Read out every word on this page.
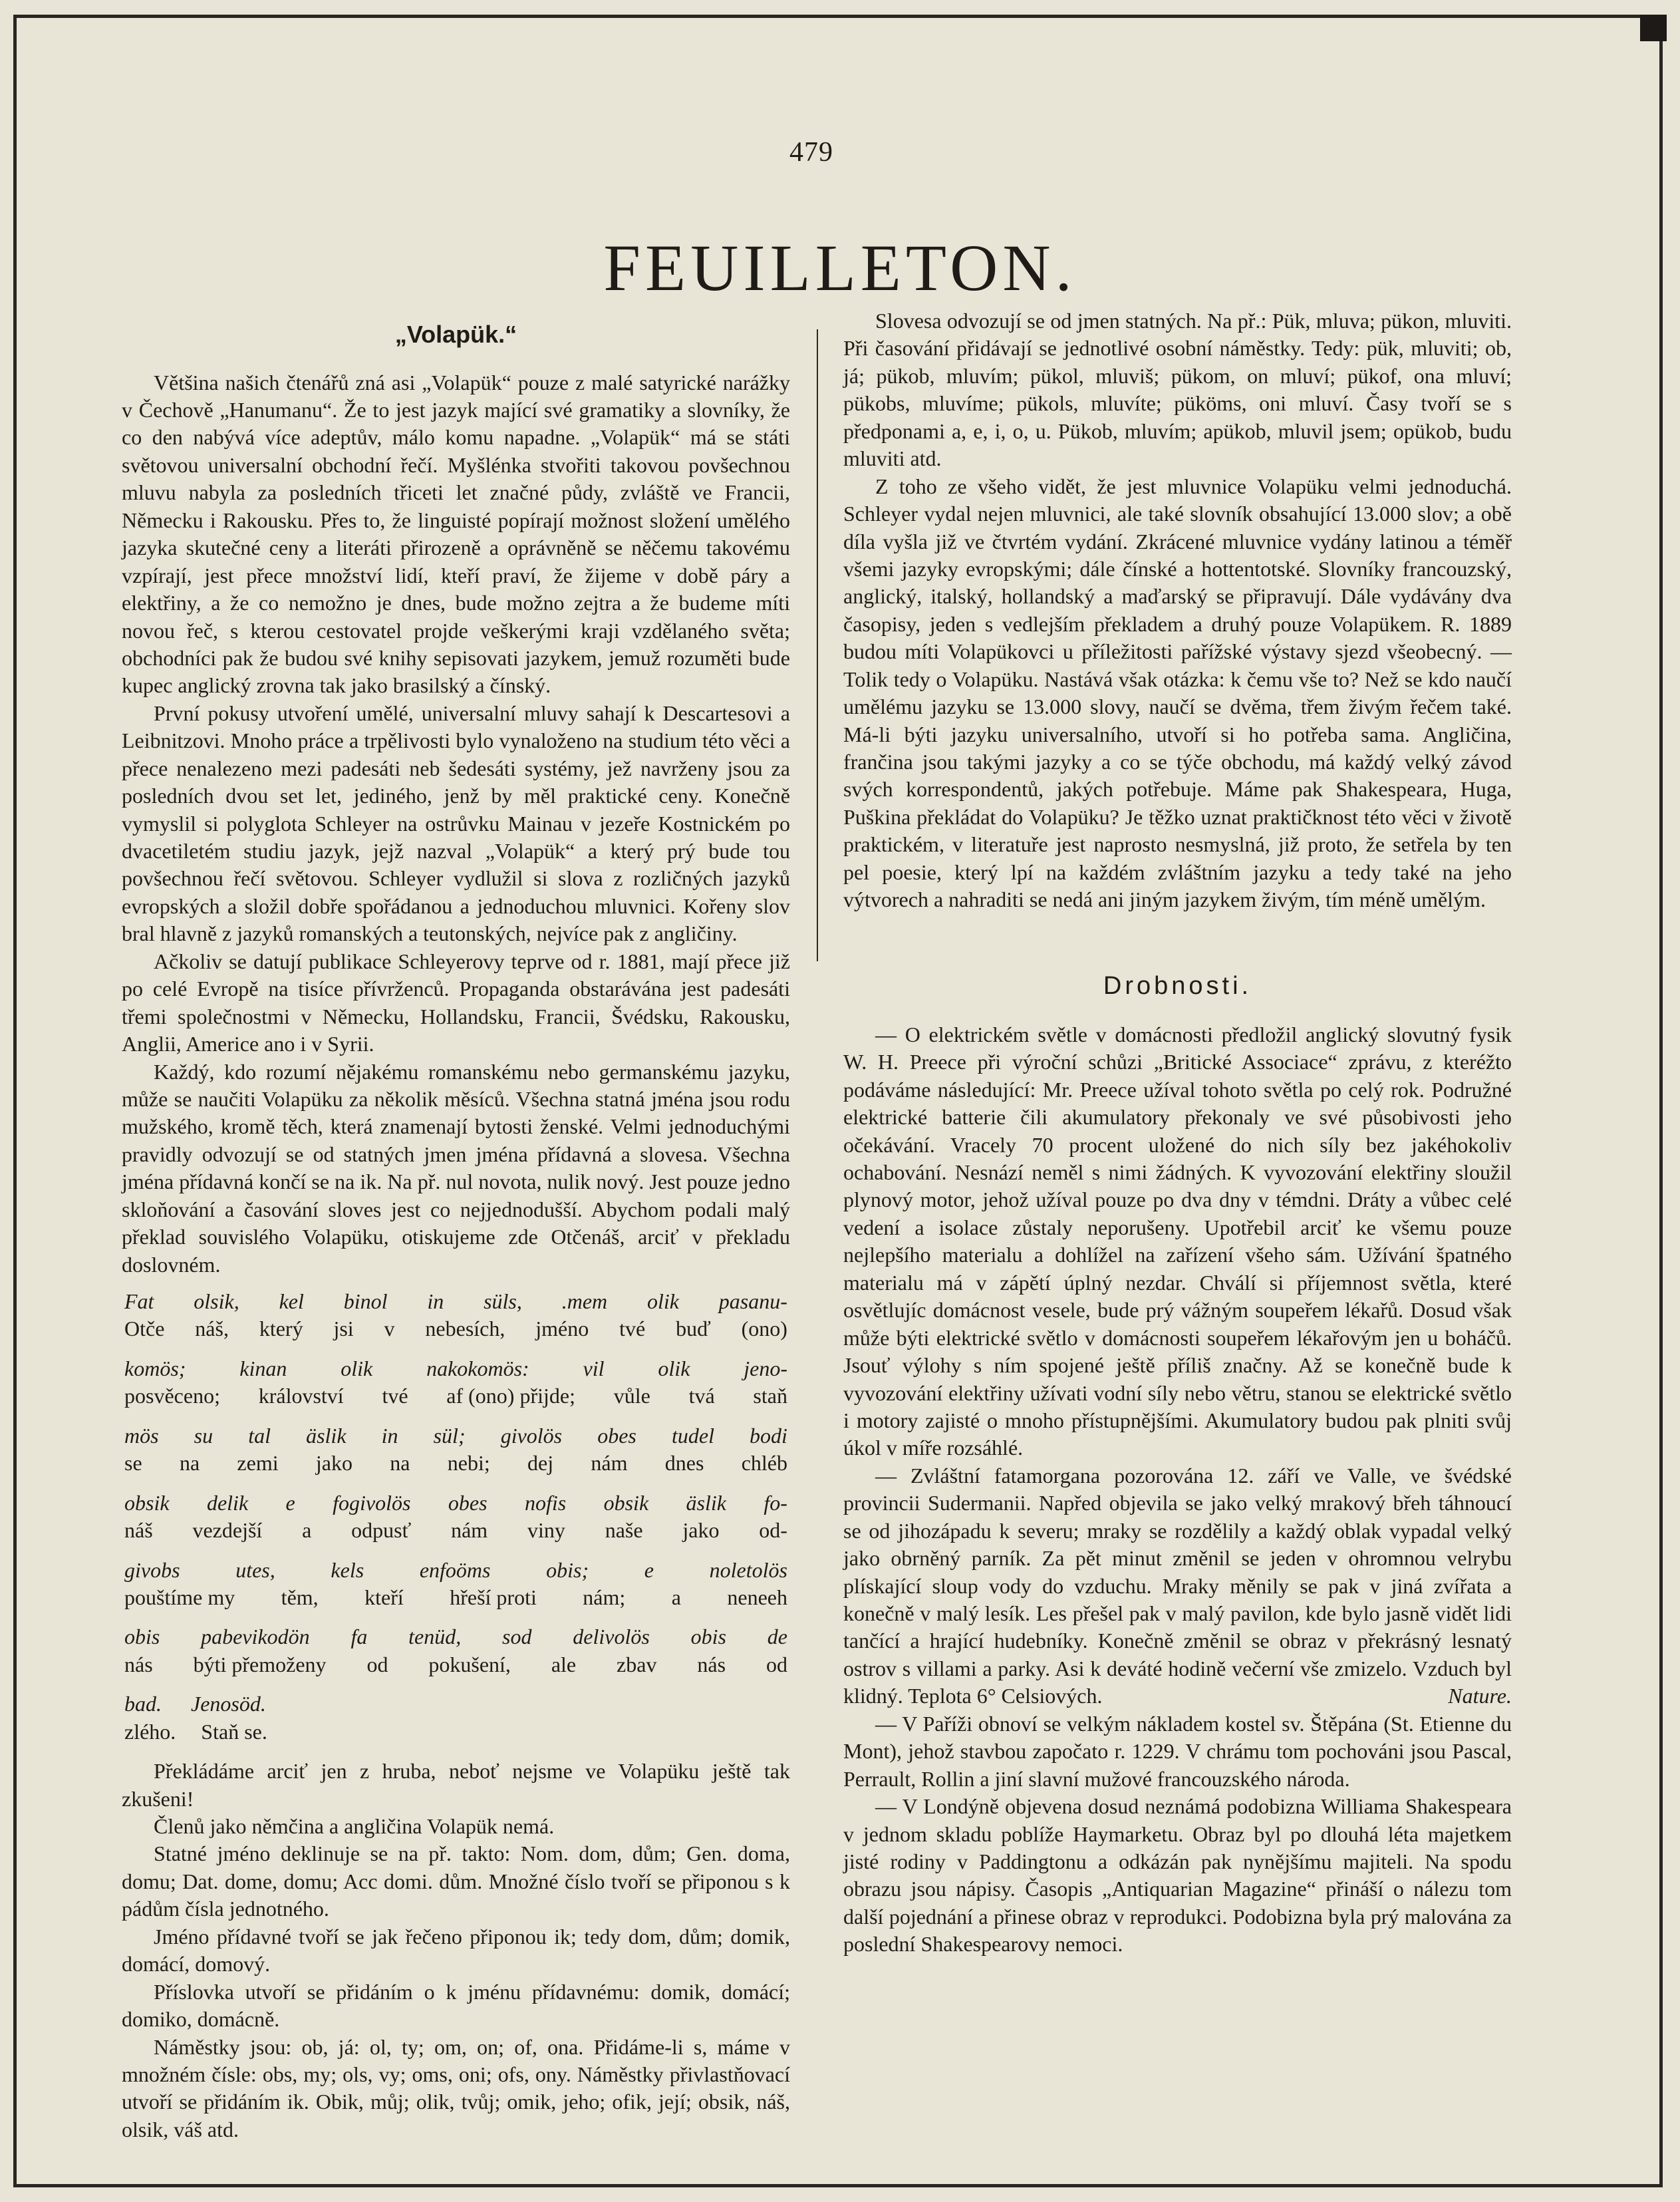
479
FEUILLETON.
„Volapük.“

Většina našich čtenářů zná asi „Volapük“ pouze z malé satyrické narážky v Čechově „Hanumanu“. Že to jest jazyk mající své gramatiky a slovníky, že co den nabývá více adeptův, málo komu napadne. „Volapük“ má se státi světovou universalní obchodní řečí. Myšlénka stvořiti takovou povšechnou mluvu nabyla za posledních třiceti let značné půdy, zvláště ve Francii, Německu i Rakousku. Přes to, že linguisté popírají možnost složení umělého jazyka skutečné ceny a literáti přirozeně a oprávněně se něčemu takovému vzpírají, jest přece množství lidí, kteří praví, že žijeme v době páry a elektřiny, a že co nemožno je dnes, bude možno zejtra a že budeme míti novou řeč, s kterou cestovatel projde veškerými kraji vzdělaného světa; obchodníci pak že budou své knihy sepisovati jazykem, jemuž rozuměti bude kupec anglický zrovna tak jako brasilský a čínský.

První pokusy utvoření umělé, universalní mluvy sahají k Descartesovi a Leibnitzovi. Mnoho práce a trpělivosti bylo vynaloženo na studium této věci a přece nenalezeno mezi padesáti neb šedesáti systémy, jež navrženy jsou za posledních dvou set let, jediného, jenž by měl praktické ceny. Konečně vymyslil si polyglota Schleyer na ostrůvku Mainau v jezeře Kostnickém po dvacetiletém studiu jazyk, jejž nazval „Volapük“ a který prý bude tou povšechnou řečí světovou. Schleyer vydlužil si slova z rozličných jazyků evropských a složil dobře spořádanou a jednoduchou mluvnici. Kořeny slov bral hlavně z jazyků romanských a teutonských, nejvíce pak z angličiny.

Ačkoliv se datují publikace Schleyerovy teprve od r. 1881, mají přece již po celé Evropě na tisíce přívrženců. Propaganda obstarávána jest padesáti třemi společnostmi v Německu, Hollandsku, Francii, Švédsku, Rakousku, Anglii, Americe ano i v Syrii.

Každý, kdo rozumí nějakému romanskému nebo germanskému jazyku, může se naučiti Volapüku za několik měsíců. Všechna statná jména jsou rodu mužského, kromě těch, která znamenají bytosti ženské. Velmi jednoduchými pravidly odvozují se od statných jmen jména přídavná a slovesa. Všechna jména přídavná končí se na ik. Na př. nul novota, nulik nový. Jest pouze jedno skloňování a časování sloves jest co nejjednodušší. Abychom podali malý překlad souvislého Volapüku, otiskujeme zde Otčenáš, arciť v překladu doslovném.

Fat olsik, kel binol in süls, .mem olik pasanu-
Otče náš, který jsi v nebesích, jméno tvé buď (ono)
komös;	kinan	olik	nakokomös:	vil	olik	jeno-
posvěceno; království tvé af (ono) přijde; vůle tvá staň
mös su tal äslik in sül; givolös obes tudel bodi
se na zemi jako na nebi; dej nám dnes chléb
obsik delik e fogivolös obes nofis obsik äslik fo-
náš vezdejší a odpusť nám viny naše jako od-
givobs	utes,	kels	enfoöms	obis;	e	noletolös
pouštíme my těm, kteří hřeší proti nám; a neneeh
obis pabevikodön fa tenüd, sod delivolös obis de
nás býti přemoženy od pokušení, ale zbav nás od
bad. Jenosöd.
zlého. Staň se.

Překládáme arciť jen z hruba, neboť nejsme ve Volapüku ještě tak zkušeni!

Členů jako němčina a angličina Volapük nemá.

Statné jméno deklinuje se na př. takto: Nom. dom, dům; Gen. doma, domu; Dat. dome, domu; Acc domi. dům. Množné číslo tvoří se připonou s k pádům čísla jednotného.

Jméno přídavné tvoří se jak řečeno připonou ik; tedy dom, dům; domik, domácí, domový.

Příslovka utvoří se přidáním o k jménu přídavnému: domik, domácí; domiko, domácně.

Náměstky jsou: ob, já: ol, ty; om, on; of, ona. Přidáme-li s, máme v množném čísle: obs, my; ols, vy; oms, oni; ofs, ony. Náměstky přivlastňovací utvoří se přidáním ik. Obik, můj; olik, tvůj; omik, jeho; ofik, její; obsik, náš, olsik, váš atd.

Slovesa odvozují se od jmen statných. Na př.: Pük, mluva; pükon, mluviti. Při časování přidávají se jednotlivé osobní náměstky. Tedy: pük, mluviti; ob, já; pükob, mluvím; pükol, mluviš; pükom, on mluví; pükof, ona mluví; pükobs, mluvíme; pükols, mluvíte; püköms, oni mluví. Časy tvoří se s předponami a, e, i, o, u. Pükob, mluvím; apükob, mluvil jsem; opükob, budu mluviti atd.

Z toho ze všeho vidět, že jest mluvnice Volapüku velmi jednoduchá. Schleyer vydal nejen mluvnici, ale také slovník obsahující 13.000 slov; a obě díla vyšla již ve čtvrtém vydání. Zkrácené mluvnice vydány latinou a téměř všemi jazyky evropskými; dále čínské a hottentotské. Slovníky francouzský, anglický, italský, hollandský a maďarský se připravují. Dále vydávány dva časopisy, jeden s vedlejším překladem a druhý pouze Volapükem. R. 1889 budou míti Volapükovci u příležitosti pařížské výstavy sjezd všeobecný. — Tolik tedy o Volapüku. Nastává však otázka: k čemu vše to? Než se kdo naučí umělému jazyku se 13.000 slovy, naučí se dvěma, třem živým řečem také. Má-li býti jazyku universalního, utvoří si ho potřeba sama. Angličina, frančina jsou takými jazyky a co se týče obchodu, má každý velký závod svých korrespondentů, jakých potřebuje. Máme pak Shakespeara, Huga, Puškina překládat do Volapüku? Je těžko uznat praktičknost této věci v životě praktickém, v literatuře jest naprosto nesmyslná, již proto, že setřela by ten pel poesie, který lpí na každém zvláštním jazyku a tedy také na jeho výtvorech a nahraditi se nedá ani jiným jazykem živým, tím méně umělým.

Drobnosti.

— O elektrickém světle v domácnosti předložil anglický slovutný fysik W. H. Preece při výroční schůzi „Britické Associace“ zprávu, z kteréžto podáváme následující: Mr. Preece užíval tohoto světla po celý rok. Podružné elektrické batterie čili akumulatory překonaly ve své působivosti jeho očekávání. Vracely 70 procent uložené do nich síly bez jakéhokoliv ochabování. Nesnází neměl s nimi žádných. K vyvozování elektřiny sloužil plynový motor, jehož užíval pouze po dva dny v témdni. Dráty a vůbec celé vedení a isolace zůstaly neporušeny. Upotřebil arciť ke všemu pouze nejlepšího materialu a dohlížel na zařízení všeho sám. Užívání špatného materialu má v zápětí úplný nezdar. Chválí si příjemnost světla, které osvětlujíc domácnost vesele, bude prý vážným soupeřem lékařů. Dosud však může býti elektrické světlo v domácnosti soupeřem lékařovým jen u boháčů. Jsouť výlohy s ním spojené ještě příliš značny. Až se konečně bude k vyvozování elektřiny užívati vodní síly nebo větru, stanou se elektrické světlo i motory zajisté o mnoho přístupnějšími. Akumulatory budou pak plniti svůj úkol v míře rozsáhlé.

— Zvláštní fatamorgana pozorována 12. září ve Valle, ve švédské provincii Sudermanii. Napřed objevila se jako velký mrakový břeh táhnoucí se od jihozápadu k severu; mraky se rozdělily a každý oblak vypadal velký jako obrněný parník. Za pět minut změnil se jeden v ohromnou velrybu plískající sloup vody do vzduchu. Mraky měnily se pak v jiná zvířata a konečně v malý lesík. Les přešel pak v malý pavilon, kde bylo jasně vidět lidi tančící a hrající hudebníky. Konečně změnil se obraz v překrásný lesnatý ostrov s villami a parky. Asi k deváté hodině večerní vše zmizelo. Vzduch byl klidný. Teplota 6° Celsiových.	Nature.

— V Paříži obnoví se velkým nákladem kostel sv. Štěpána (St. Etienne du Mont), jehož stavbou započato r. 1229. V chrámu tom pochováni jsou Pascal, Perrault, Rollin a jiní slavní mužové francouzského národa.

— V Londýně objevena dosud neznámá podobizna Williama Shakespeara v jednom skladu poblíže Haymarketu. Obraz byl po dlouhá léta majetkem jisté rodiny v Paddingtonu a odkázán pak nynějšímu majiteli. Na spodu obrazu jsou nápisy. Časopis „Antiquarian Magazine“ přináší o nálezu tom další pojednání a přinese obraz v reprodukci. Podobizna byla prý malována za poslední Shakespearovy nemoci.
